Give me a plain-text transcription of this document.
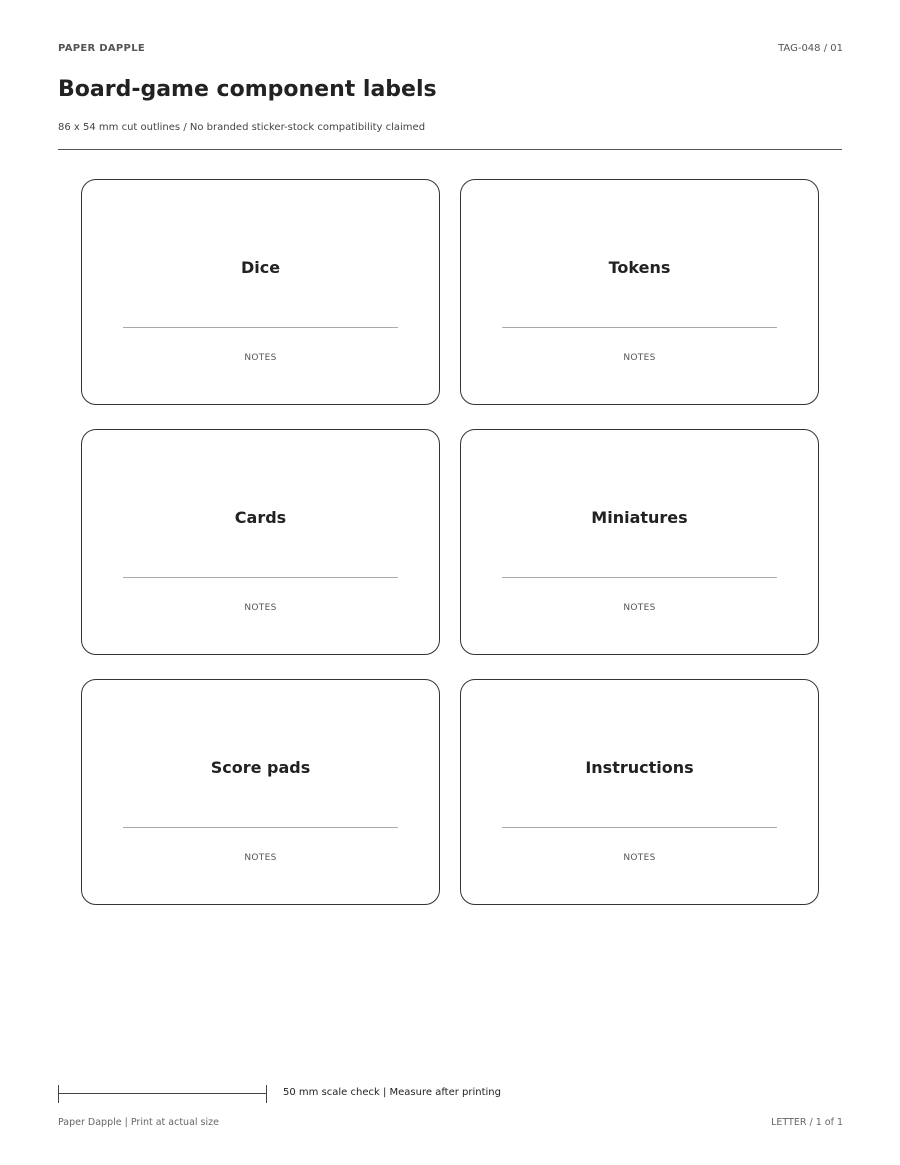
PAPER DAPPLE	TAG-048 / 01
Board-game component labels
86 x 54 mm cut outlines / No branded sticker-stock compatibility claimed
Dice
NOTES
Tokens
NOTES
Cards
NOTES
Miniatures
NOTES
Score pads
NOTES
Instructions
NOTES
50 mm scale check | Measure after printing
Paper Dapple | Print at actual size	LETTER / 1 of 1
